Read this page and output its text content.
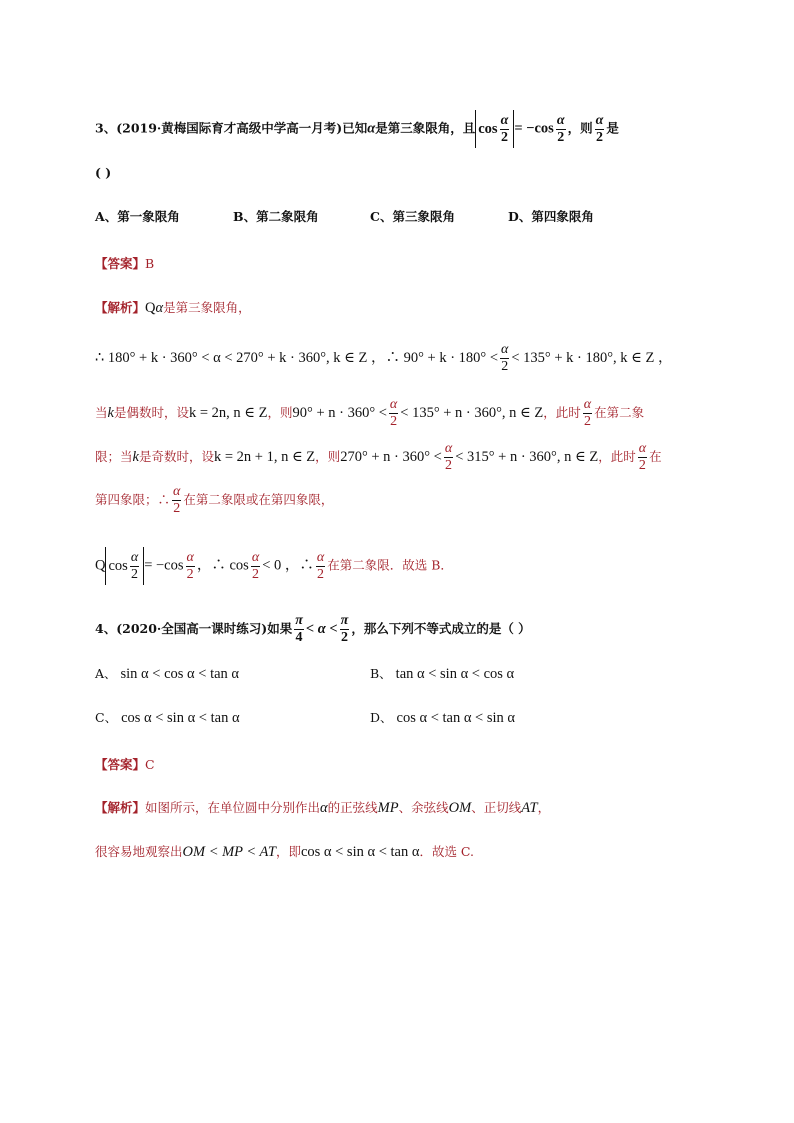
3、(2019·黄梅国际育才高级中学高一月考)已知α是第三象限角，且 $\cos \frac{\alpha}{2} = -\cos \frac{\alpha}{2}$ ，则 $\frac{\alpha}{2}$ 是
( )
A、第一象限角	B、第二象限角	C、第三象限角	D、第四象限角
【答案】B
【解析】Qα是第三象限角，
∴ 180° + k · 360° < α < 270° + k · 360°, k ∈ Z ，∴ $90^\circ + k \cdot 180^\circ < \frac{\alpha}{2} < 135^\circ + k \cdot 180^\circ$, k ∈ Z ，
当k是偶数时，设k = 2n, n ∈ Z，则$90^\circ + n \cdot 360^\circ < \frac{\alpha}{2} < 135^\circ + n \cdot 360^\circ$, n ∈ Z，此时 $\frac{\alpha}{2}$ 在第二象
限；当k是奇数时，设k = 2n + 1, n ∈ Z，则$270^\circ + n \cdot 360^\circ < \frac{\alpha}{2} < 315^\circ + n \cdot 360^\circ$, n ∈ Z，此时 $\frac{\alpha}{2}$ 在
第四象限；∴ $\frac{\alpha}{2}$ 在第二象限或在第四象限，
Q $\cos \frac{\alpha}{2} = -\cos \frac{\alpha}{2}$ ，∴ $\cos \frac{\alpha}{2} < 0$ ，∴ $\frac{\alpha}{2}$ 在第二象限．故选 B．
4、(2020·全国高一课时练习)如果 $\frac{\pi}{4} < \alpha < \frac{\pi}{2}$ ，那么下列不等式成立的是（ ）
A、 sin α < cos α < tan α	B、 tan α < sin α < cos α
C、 cos α < sin α < tan α	D、 cos α < tan α < sin α
【答案】C
【解析】如图所示，在单位圆中分别作出α的正弦线MP、余弦线OM、正切线AT，
很容易地观察出OM < MP < AT，即cos α < sin α < tan α．故选 C.
